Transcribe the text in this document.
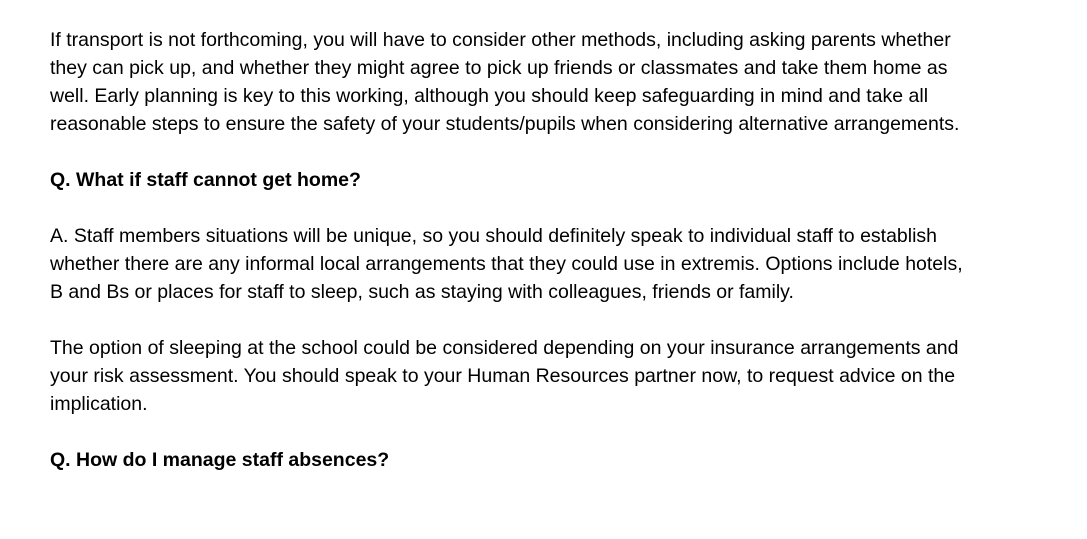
If transport is not forthcoming, you will have to consider other methods, including asking parents whether
they can pick up, and whether they might agree to pick up friends or classmates and take them home as
well. Early planning is key to this working, although you should keep safeguarding in mind and take all
reasonable steps to ensure the safety of your students/pupils when considering alternative arrangements.
Q. What if staff cannot get home?
A. Staff members situations will be unique, so you should definitely speak to individual staff to establish
whether there are any informal local arrangements that they could use in extremis. Options include hotels,
B and Bs or places for staff to sleep, such as staying with colleagues, friends or family.
The option of sleeping at the school could be considered depending on your insurance arrangements and
your risk assessment. You should speak to your Human Resources partner now, to request advice on the
implication.
Q. How do I manage staff absences?
